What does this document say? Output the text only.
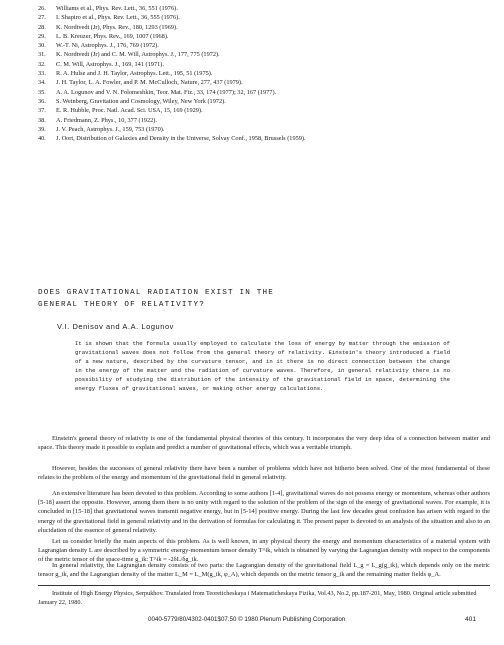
26.	Williams et al., Phys. Rev. Lett., 36, 551 (1976).
27.	I. Shapiro et al., Phys. Rev. Lett., 36, 555 (1976).
28.	K. Nordtvedt (Jr), Phys. Rev., 180, 1293 (1969).
29.	L. B. Kreuzer, Phys. Rev., 169, 1007 (1968).
30.	W.-T. Ni, Astrophys. J., 176, 769 (1972).
31.	K. Nordtvedt (Jr) and C. M. Will, Astrophys. J., 177, 775 (1972).
32.	C. M. Will, Astrophys. J., 169, 141 (1971).
33.	R. A. Hulse and J. H. Taylor, Astrophys. Lett., 195, 51 (1975).
34.	J. H. Taylor, L. A. Fowler, and P. M. McCulloch, Nature, 277, 437 (1979).
35.	A. A. Logunov and V. N. Folomeshkin, Teor. Mat. Fiz., 33, 174 (1977); 32, 167 (1977).
36.	S. Weinberg, Gravitation and Cosmology, Wiley, New York (1972).
37.	E. R. Hubble, Proc. Natl. Acad. Sci. USA, 15, 169 (1929).
38.	A. Friedmann, Z. Phys., 10, 377 (1922).
39.	J. V. Peach, Astrophys. J., 159, 753 (1970).
40.	J. Oort, Distribution of Galaxies and Density in the Universe, Solvay Conf., 1958, Brussels (1959).
DOES GRAVITATIONAL RADIATION EXIST IN THE
GENERAL THEORY OF RELATIVITY?
V.I. Denisov and A.A. Logunov
It is shown that the formula usually employed to calculate the loss of energy by matter through the emission of gravitational waves does not follow from the general theory of relativity. Einstein's theory introduced a field of a new nature, described by the curvature tensor, and in it there is no direct connection between the change in the energy of the matter and the radiation of curvature waves. Therefore, in general relativity there is no possibility of studying the distribution of the intensity of the gravitational field in space, determining the energy fluxes of gravitational waves, or making other energy calculations.
Einstein's general theory of relativity is one of the fundamental physical theories of this century. It incorporates the very deep idea of a connection between matter and space. This theory made it possible to explain and predict a number of gravitational effects, which was a veritable triumph.
However, besides the successes of general relativity there have been a number of problems which have not hitherto been solved. One of the most fundamental of these relates to the problem of the energy and momentum of the gravitational field in general relativity.
An extensive literature has been devoted to this problem. According to some authors [1-4], gravitational waves do not possess energy or momentum, whereas other authors [5-18] assert the opposite. However, among them there is no unity with regard to the solution of the problem of the sign of the energy of gravitational waves. For example, it is concluded in [15-18] that gravitational waves transmit negative energy, but in [5-14] positive energy. During the last few decades great confusion has arisen with regard to the energy of the gravitational field in general relativity and in the derivation of formulas for calculating it. The present paper is devoted to an analysis of the situation and also to an elucidation of the essence of general relativity.
Let us consider briefly the main aspects of this problem. As is well known, in any physical theory the energy and momentum characteristics of a material system with Lagrangian density L are described by a symmetric energy-momentum tensor density T^ik, which is obtained by varying the Lagrangian density with respect to the components of the metric tensor of the space-time g_ik: T^ik = -2δL/δg_ik.
In general relativity, the Lagrangian density consists of two parts: the Lagrangian density of the gravitational field L_g = L_g(g_ik), which depends only on the metric tensor g_ik, and the Lagrangian density of the matter L_M = L_M(g_ik, φ_A), which depends on the metric tensor g_ik and the remaining matter fields φ_A.
Institute of High Energy Physics, Serpukhov. Translated from Teoreticheskaya i Matematicheskaya Fizika, Vol.43, No.2, pp.187-201, May, 1980. Original article submitted January 22, 1980.
0040-5779/80/4302-0401$07.50 © 1980 Plenum Publishing Corporation	401
